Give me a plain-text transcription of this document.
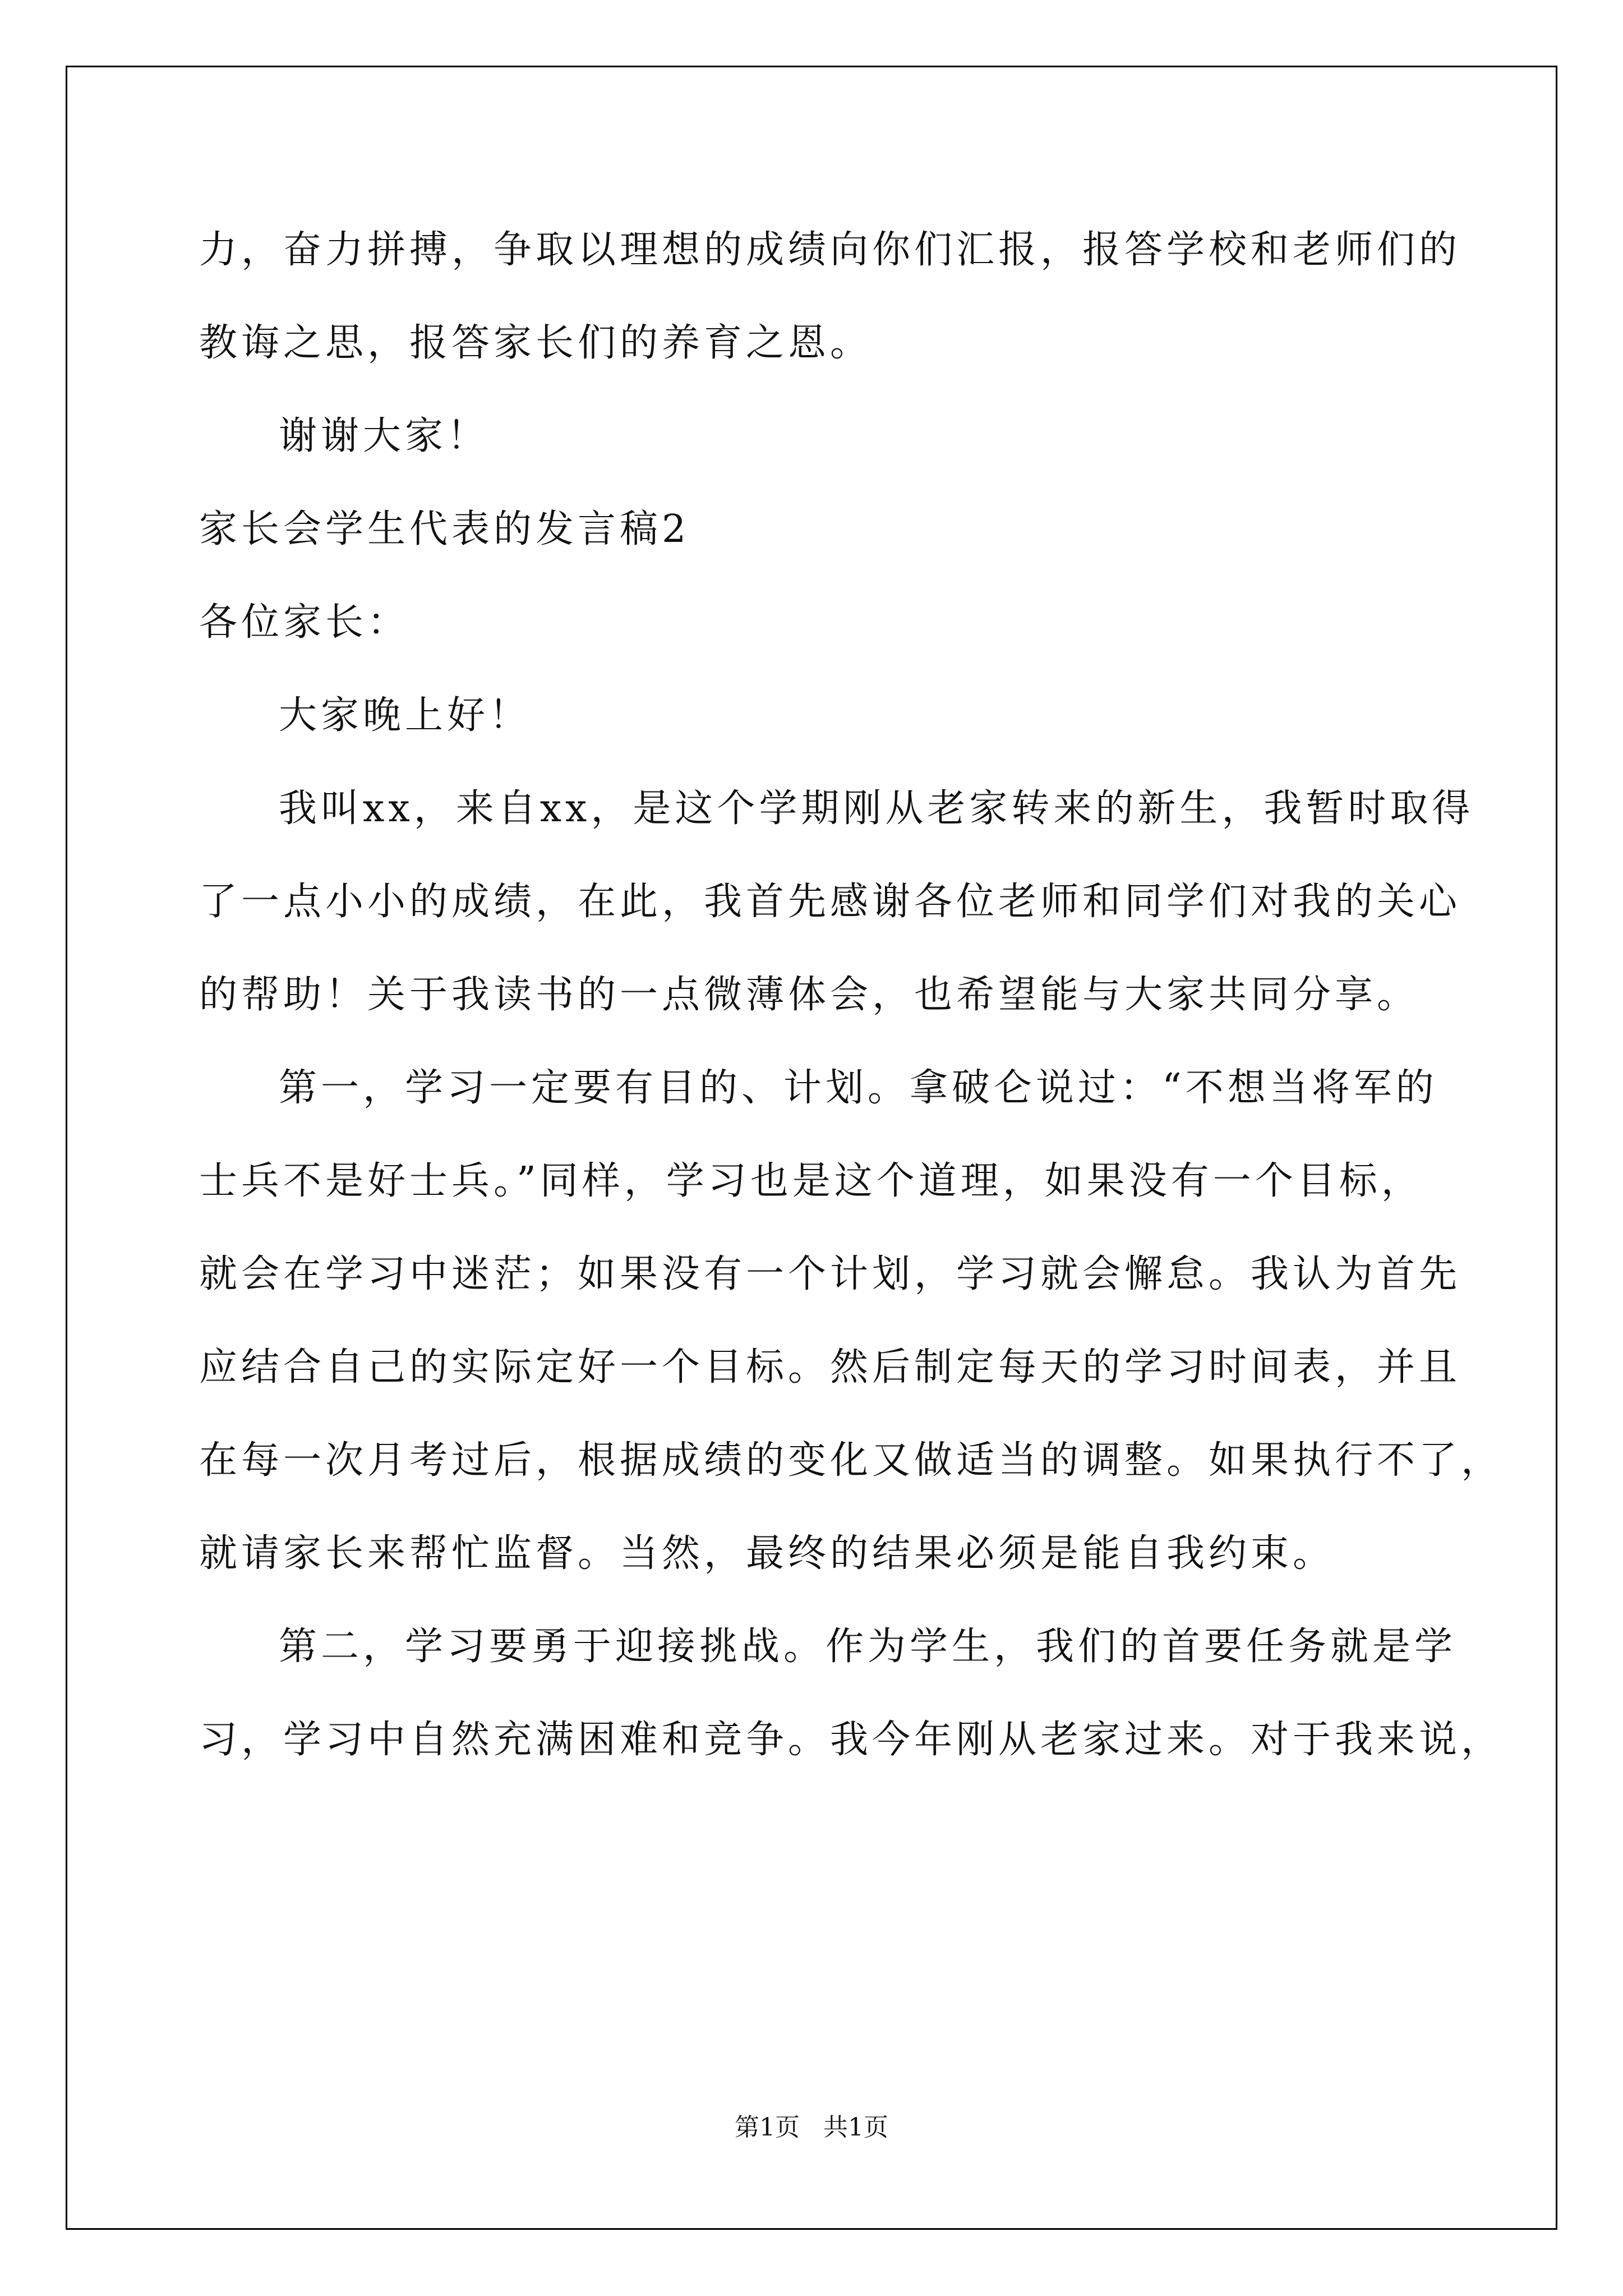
力，奋力拼搏，争取以理想的成绩向你们汇报，报答学校和老师们的
教诲之思，报答家长们的养育之恩。
谢谢大家！
家长会学生代表的发言稿2
各位家长：
大家晚上好！
我叫xx，来自xx，是这个学期刚从老家转来的新生，我暂时取得
了一点小小的成绩，在此，我首先感谢各位老师和同学们对我的关心
的帮助！关于我读书的一点微薄体会，也希望能与大家共同分享。
第一，学习一定要有目的、计划。拿破仑说过：“不想当将军的
士兵不是好士兵。”同样，学习也是这个道理，如果没有一个目标，
就会在学习中迷茫；如果没有一个计划，学习就会懈怠。我认为首先
应结合自己的实际定好一个目标。然后制定每天的学习时间表，并且
在每一次月考过后，根据成绩的变化又做适当的调整。如果执行不了，
就请家长来帮忙监督。当然，最终的结果必须是能自我约束。
第二，学习要勇于迎接挑战。作为学生，我们的首要任务就是学
习，学习中自然充满困难和竞争。我今年刚从老家过来。对于我来说，
第1页   共1页
